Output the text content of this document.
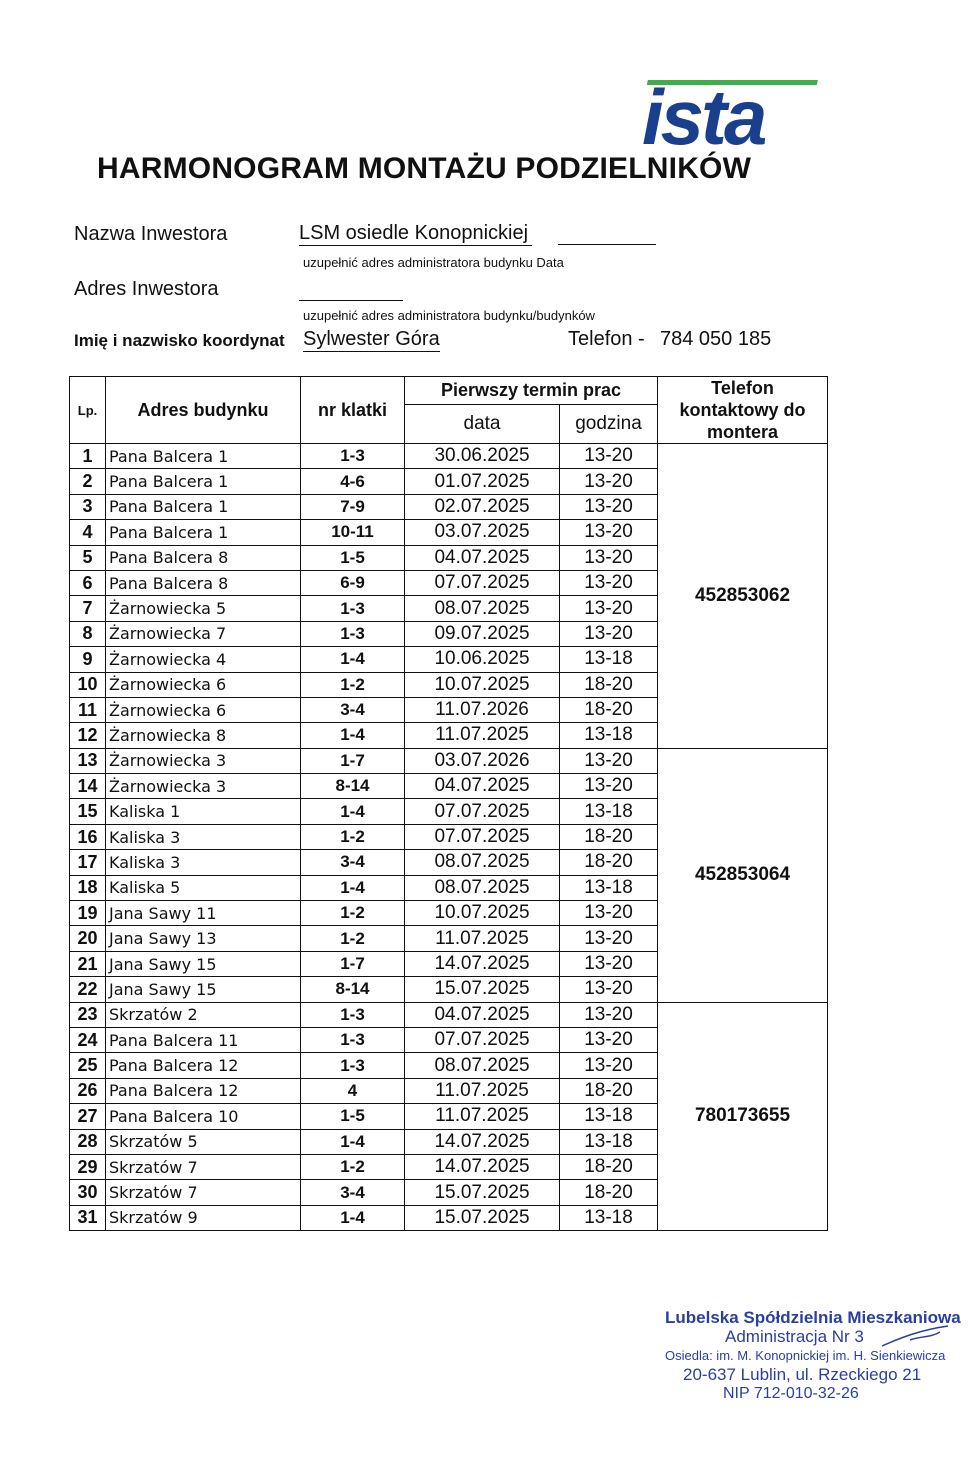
ista
HARMONOGRAM MONTAŻU PODZIELNIKÓW
Nazwa Inwestora	LSM osiedle Konopnickiej
uzupełnić adres administratora budynku Data
Adres Inwestora
uzupełnić adres administratora budynku/budynków
Imię i nazwisko koordynat Sylwester Góra	Telefon - 784 050 185
Lp.	Adres budynku	nr klatki	Pierwszy termin prac		Telefon kontaktowy do montera
			data	godzina	
1	Pana Balcera 1	1-3	30.06.2025	13-20	452853062
2	Pana Balcera 1	4-6	01.07.2025	13-20	
3	Pana Balcera 1	7-9	02.07.2025	13-20	
4	Pana Balcera 1	10-11	03.07.2025	13-20	
5	Pana Balcera 8	1-5	04.07.2025	13-20	
6	Pana Balcera 8	6-9	07.07.2025	13-20	
7	Żarnowiecka 5	1-3	08.07.2025	13-20	
8	Żarnowiecka 7	1-3	09.07.2025	13-20	
9	Żarnowiecka 4	1-4	10.06.2025	13-18	
10	Żarnowiecka 6	1-2	10.07.2025	18-20	
11	Żarnowiecka 6	3-4	11.07.2026	18-20	
12	Żarnowiecka 8	1-4	11.07.2025	13-18	
13	Żarnowiecka 3	1-7	03.07.2026	13-20	452853064
14	Żarnowiecka 3	8-14	04.07.2025	13-20	
15	Kaliska 1	1-4	07.07.2025	13-18	
16	Kaliska 3	1-2	07.07.2025	18-20	
17	Kaliska 3	3-4	08.07.2025	18-20	
18	Kaliska 5	1-4	08.07.2025	13-18	
19	Jana Sawy 11	1-2	10.07.2025	13-20	
20	Jana Sawy 13	1-2	11.07.2025	13-20	
21	Jana Sawy 15	1-7	14.07.2025	13-20	
22	Jana Sawy 15	8-14	15.07.2025	13-20	
23	Skrzatów 2	1-3	04.07.2025	13-20	780173655
24	Pana Balcera 11	1-3	07.07.2025	13-20	
25	Pana Balcera 12	1-3	08.07.2025	13-20	
26	Pana Balcera 12	4	11.07.2025	18-20	
27	Pana Balcera 10	1-5	11.07.2025	13-18	
28	Skrzatów 5	1-4	14.07.2025	13-18	
29	Skrzatów 7	1-2	14.07.2025	18-20	
30	Skrzatów 7	3-4	15.07.2025	18-20	
31	Skrzatów 9	1-4	15.07.2025	13-18	
Lubelska Spółdzielnia Mieszkaniowa
Administracja Nr 3
Osiedla: im. M. Konopnickiej im. H. Sienkiewicza
20-637 Lublin, ul. Rzeckiego 21
NIP 712-010-32-26
